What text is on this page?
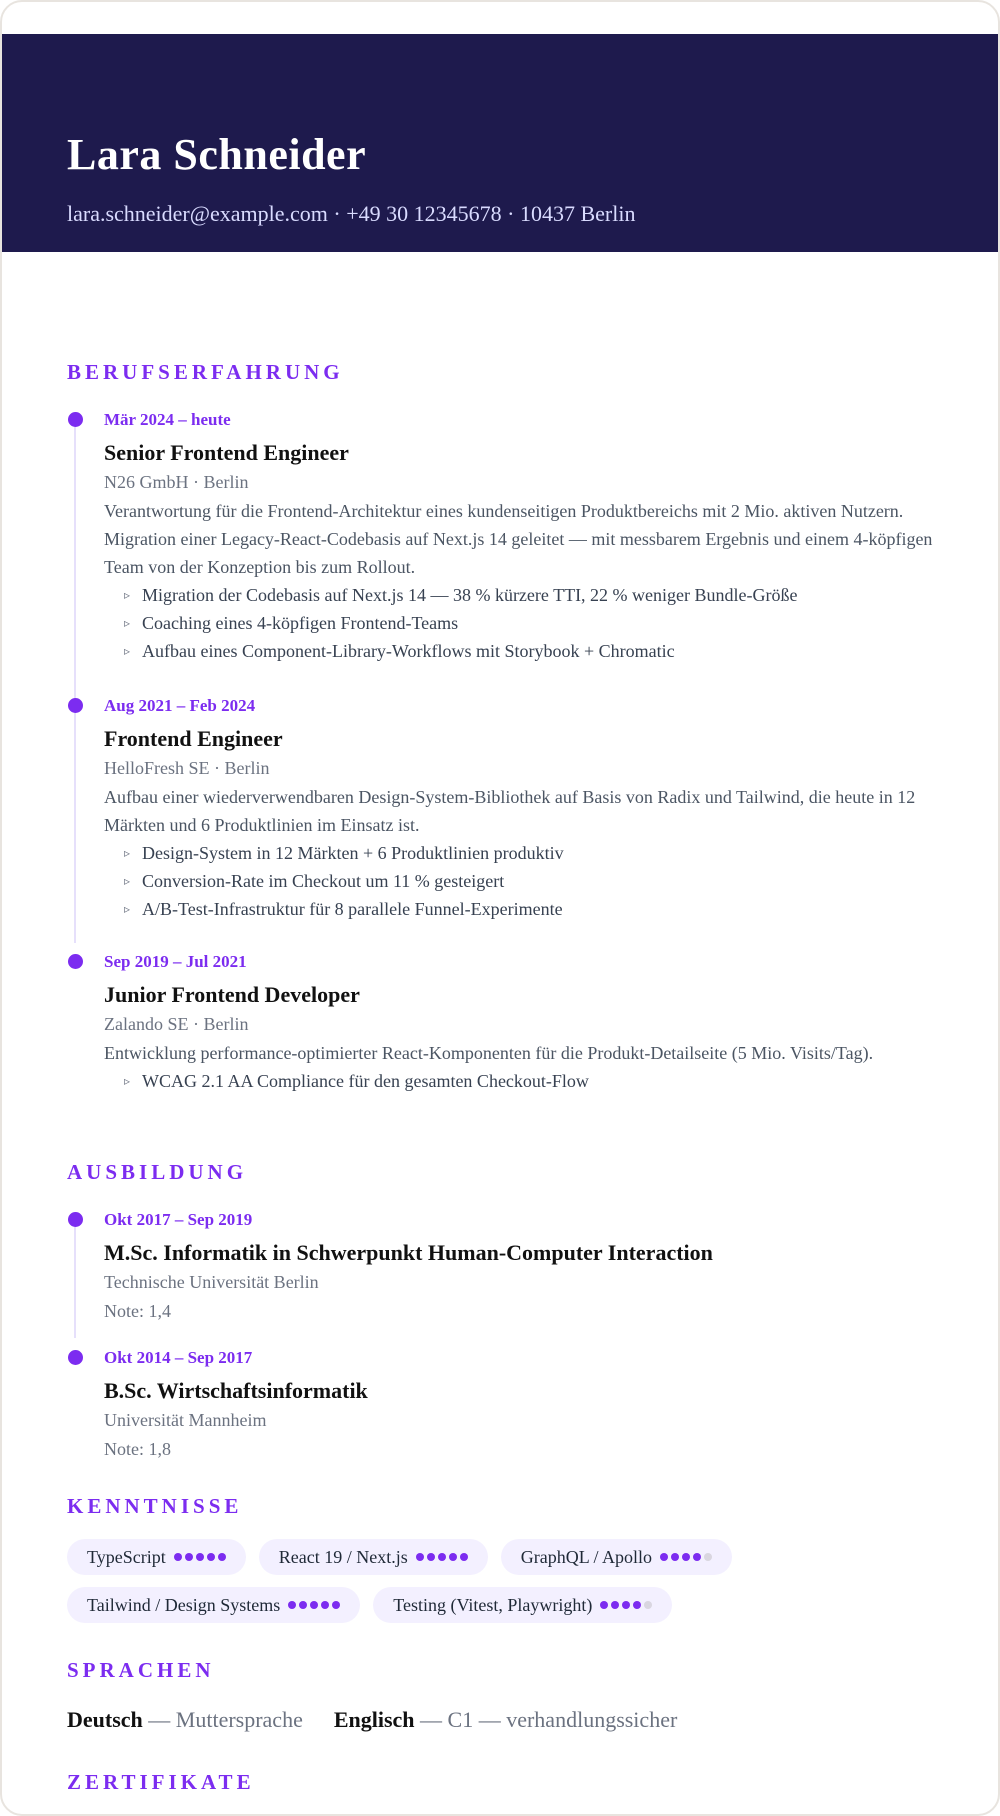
Lara Schneider
lara.schneider@example.com · +49 30 12345678 · 10437 Berlin
BERUFSERFAHRUNG
Mär 2024 – heute
Senior Frontend Engineer
N26 GmbH · Berlin
Verantwortung für die Frontend-Architektur eines kundenseitigen Produktbereichs mit 2 Mio. aktiven Nutzern. Migration einer Legacy-React-Codebasis auf Next.js 14 geleitet — mit messbarem Ergebnis und einem 4-köpfigen Team von der Konzeption bis zum Rollout.
▹ Migration der Codebasis auf Next.js 14 — 38 % kürzere TTI, 22 % weniger Bundle-Größe
▹ Coaching eines 4-köpfigen Frontend-Teams
▹ Aufbau eines Component-Library-Workflows mit Storybook + Chromatic
Aug 2021 – Feb 2024
Frontend Engineer
HelloFresh SE · Berlin
Aufbau einer wiederverwendbaren Design-System-Bibliothek auf Basis von Radix und Tailwind, die heute in 12 Märkten und 6 Produktlinien im Einsatz ist.
▹ Design-System in 12 Märkten + 6 Produktlinien produktiv
▹ Conversion-Rate im Checkout um 11 % gesteigert
▹ A/B-Test-Infrastruktur für 8 parallele Funnel-Experimente
Sep 2019 – Jul 2021
Junior Frontend Developer
Zalando SE · Berlin
Entwicklung performance-optimierter React-Komponenten für die Produkt-Detailseite (5 Mio. Visits/Tag).
▹ WCAG 2.1 AA Compliance für den gesamten Checkout-Flow
AUSBILDUNG
Okt 2017 – Sep 2019
M.Sc. Informatik in Schwerpunkt Human-Computer Interaction
Technische Universität Berlin
Note: 1,4
Okt 2014 – Sep 2017
B.Sc. Wirtschaftsinformatik
Universität Mannheim
Note: 1,8
KENNTNISSE
TypeScript	React 19 / Next.js	GraphQL / Apollo
Tailwind / Design Systems	Testing (Vitest, Playwright)
SPRACHEN
Deutsch — Muttersprache Englisch — C1 — verhandlungssicher
ZERTIFIKATE
